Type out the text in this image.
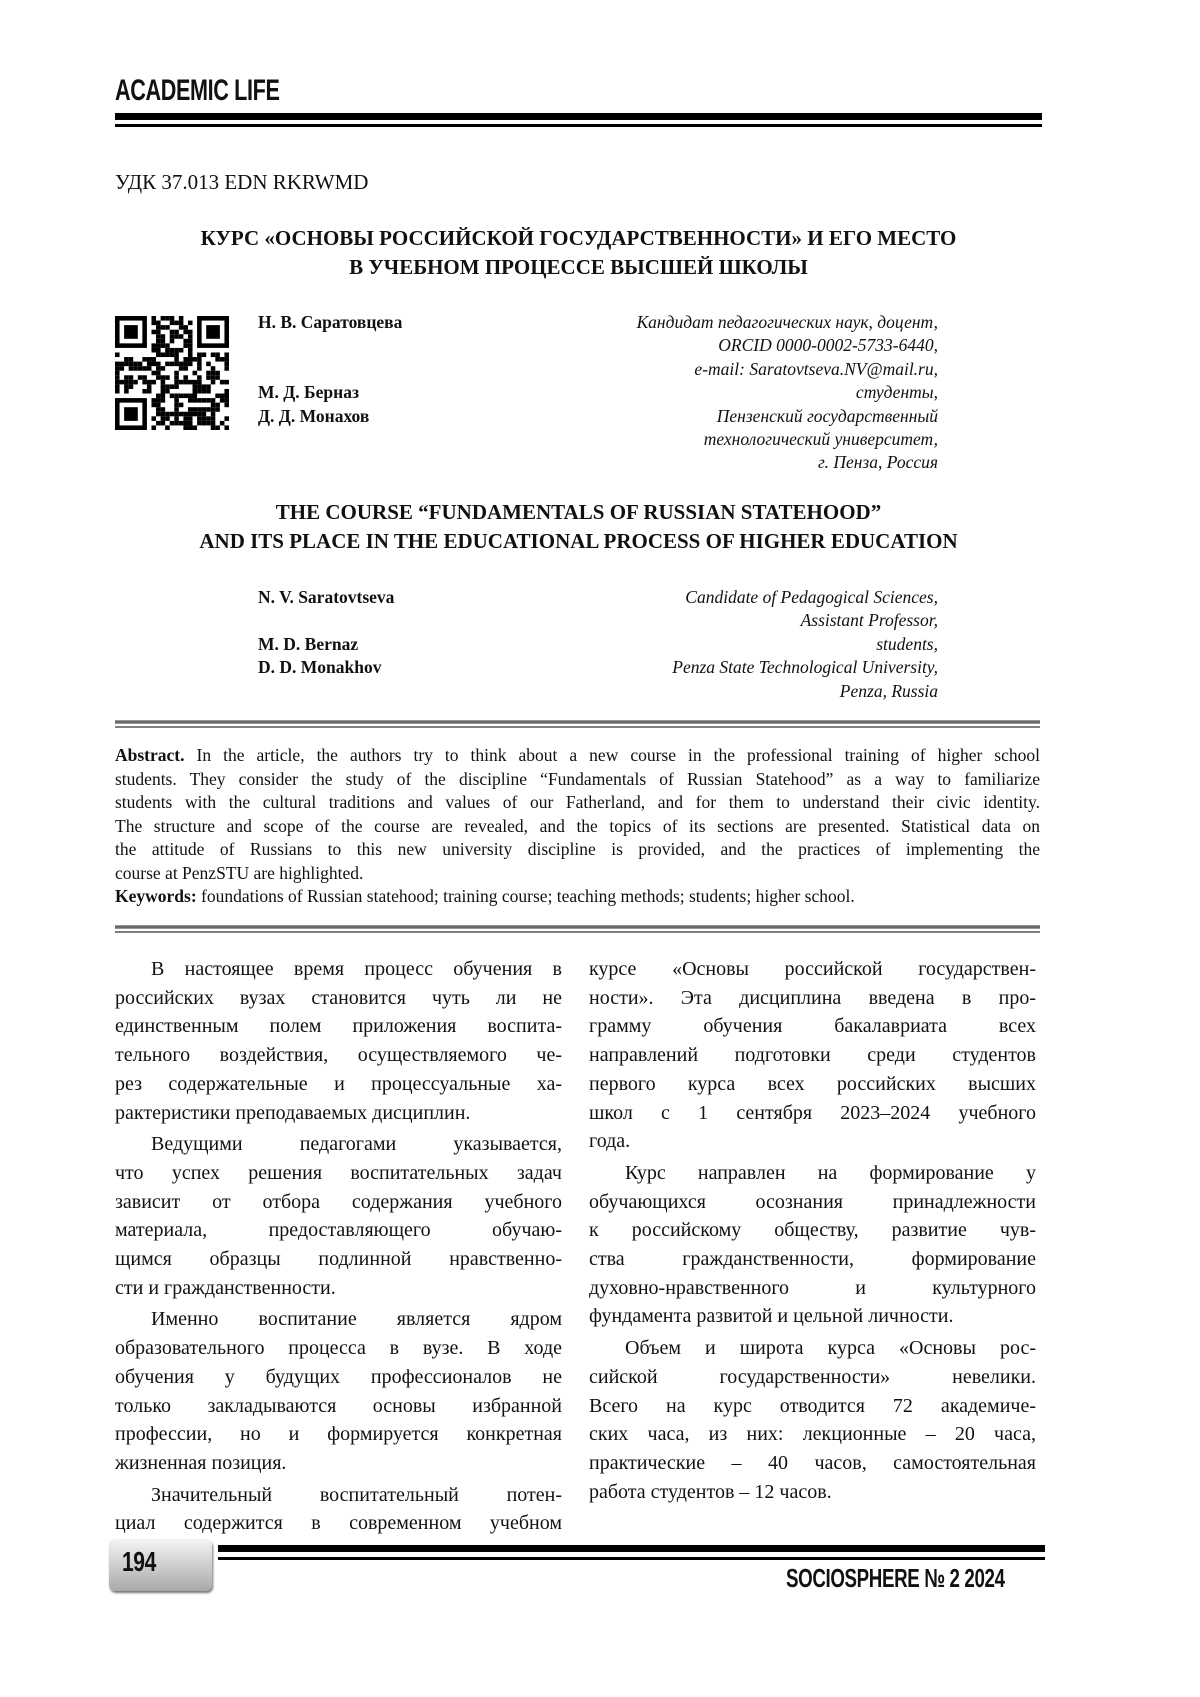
ACADEMIC LIFE
УДК 37.013 EDN RKRWMD
КУРС «ОСНОВЫ РОССИЙСКОЙ ГОСУДАРСТВЕННОСТИ» И ЕГО МЕСТО
В УЧЕБНОМ ПРОЦЕССЕ ВЫСШЕЙ ШКОЛЫ
Н. В. Саратовцева	Кандидат педагогических наук, доцент,
ORCID 0000-0002-5733-6440,
e-mail: Saratovtseva.NV@mail.ru,
М. Д. Берназ	студенты,
Д. Д. Монахов	Пензенский государственный
технологический университет,
г. Пенза, Россия
THE COURSE “FUNDAMENTALS OF RUSSIAN STATEHOOD”
AND ITS PLACE IN THE EDUCATIONAL PROCESS OF HIGHER EDUCATION
N. V. Saratovtseva	Candidate of Pedagogical Sciences,
Assistant Professor,
M. D. Bernaz	students,
D. D. Monakhov	Penza State Technological University,
Penza, Russia
Abstract. In the article, the authors try to think about a new course in the professional training of higher school
students. They consider the study of the discipline “Fundamentals of Russian Statehood” as a way to familiarize
students with the cultural traditions and values of our Fatherland, and for them to understand their civic identity.
The structure and scope of the course are revealed, and the topics of its sections are presented. Statistical data on
the attitude of Russians to this new university discipline is provided, and the practices of implementing the
course at PenzSTU are highlighted.
Keywords: foundations of Russian statehood; training course; teaching methods; students; higher school.
В настоящее время процесс обучения в
российских вузах становится чуть ли не
единственным полем приложения воспита-
тельного воздействия, осуществляемого че-
рез содержательные и процессуальные ха-
рактеристики преподаваемых дисциплин.
Ведущими педагогами указывается,
что успех решения воспитательных задач
зависит от отбора содержания учебного
материала, предоставляющего обучаю-
щимся образцы подлинной нравственно-
сти и гражданственности.
Именно воспитание является ядром
образовательного процесса в вузе. В ходе
обучения у будущих профессионалов не
только закладываются основы избранной
профессии, но и формируется конкретная
жизненная позиция.
Значительный воспитательный потен-
циал содержится в современном учебном
курсе «Основы российской государствен-
ности». Эта дисциплина введена в про-
грамму обучения бакалавриата всех
направлений подготовки среди студентов
первого курса всех российских высших
школ с 1 сентября 2023–2024 учебного
года.
Курс направлен на формирование у
обучающихся осознания принадлежности
к российскому обществу, развитие чув-
ства гражданственности, формирование
духовно-нравственного и культурного
фундамента развитой и цельной личности.
Объем и широта курса «Основы рос-
сийской государственности» невелики.
Всего на курс отводится 72 академиче-
ских часа, из них: лекционные – 20 часа,
практические – 40 часов, самостоятельная
работа студентов – 12 часов.
194
SOCIOSPHERE № 2 2024
